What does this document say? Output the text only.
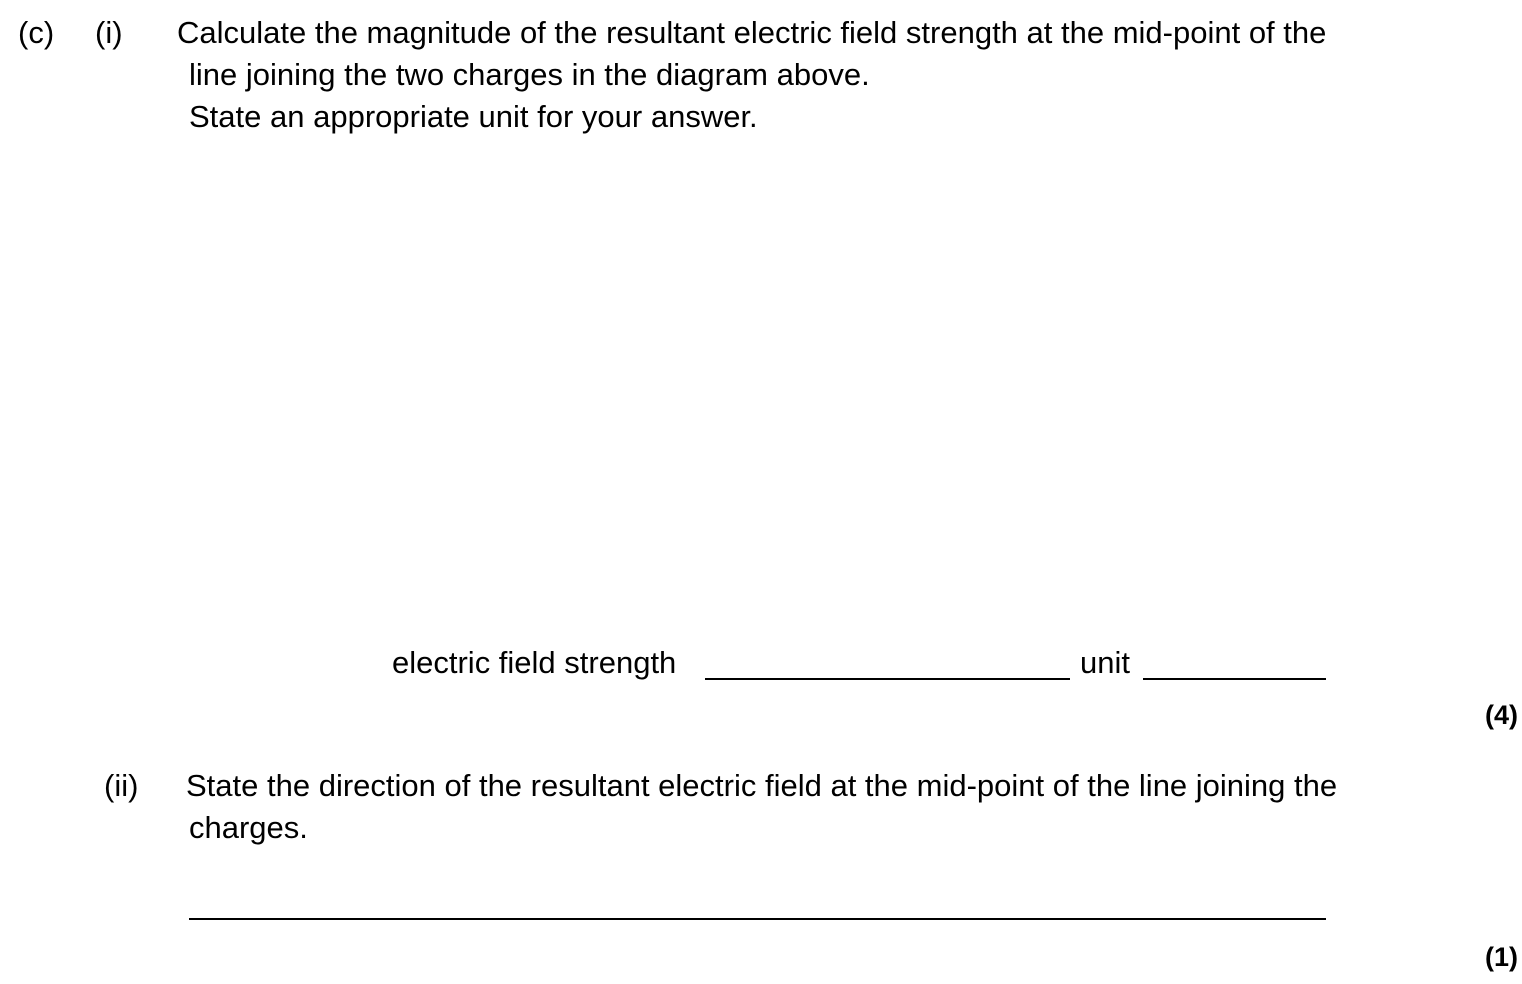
(c) (i) Calculate the magnitude of the resultant electric field strength at the mid-point of the
line joining the two charges in the diagram above.
State an appropriate unit for your answer.
electric field strength	unit
(4)
(ii) State the direction of the resultant electric field at the mid-point of the line joining the
charges.
(1)
